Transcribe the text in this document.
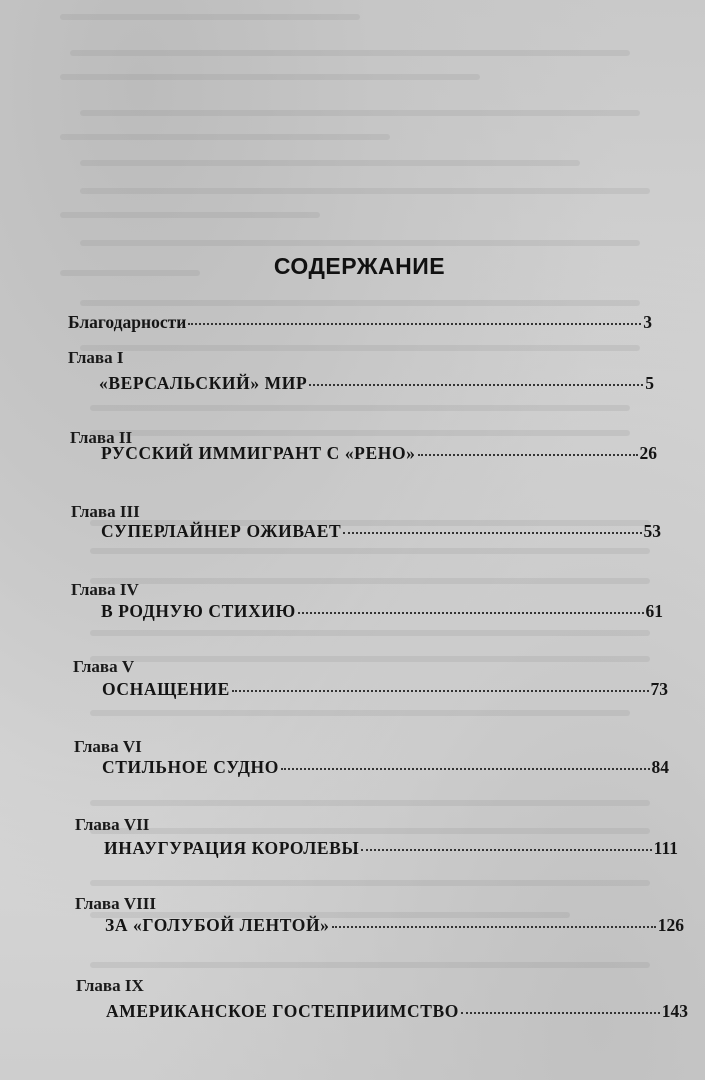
СОДЕРЖАНИЕ
Благодарности	3
Глава I
«ВЕРСАЛЬСКИЙ» МИР	5
Глава II
РУССКИЙ ИММИГРАНТ С «РЕНО»	26
Глава III
СУПЕРЛАЙНЕР ОЖИВАЕТ	53
Глава IV
В РОДНУЮ СТИХИЮ	61
Глава V
ОСНАЩЕНИЕ	73
Глава VI
СТИЛЬНОЕ СУДНО	84
Глава VII
ИНАУГУРАЦИЯ КОРОЛЕВЫ	111
Глава VIII
ЗА «ГОЛУБОЙ ЛЕНТОЙ»	126
Глава IX
АМЕРИКАНСКОЕ ГОСТЕПРИИМСТВО	143
